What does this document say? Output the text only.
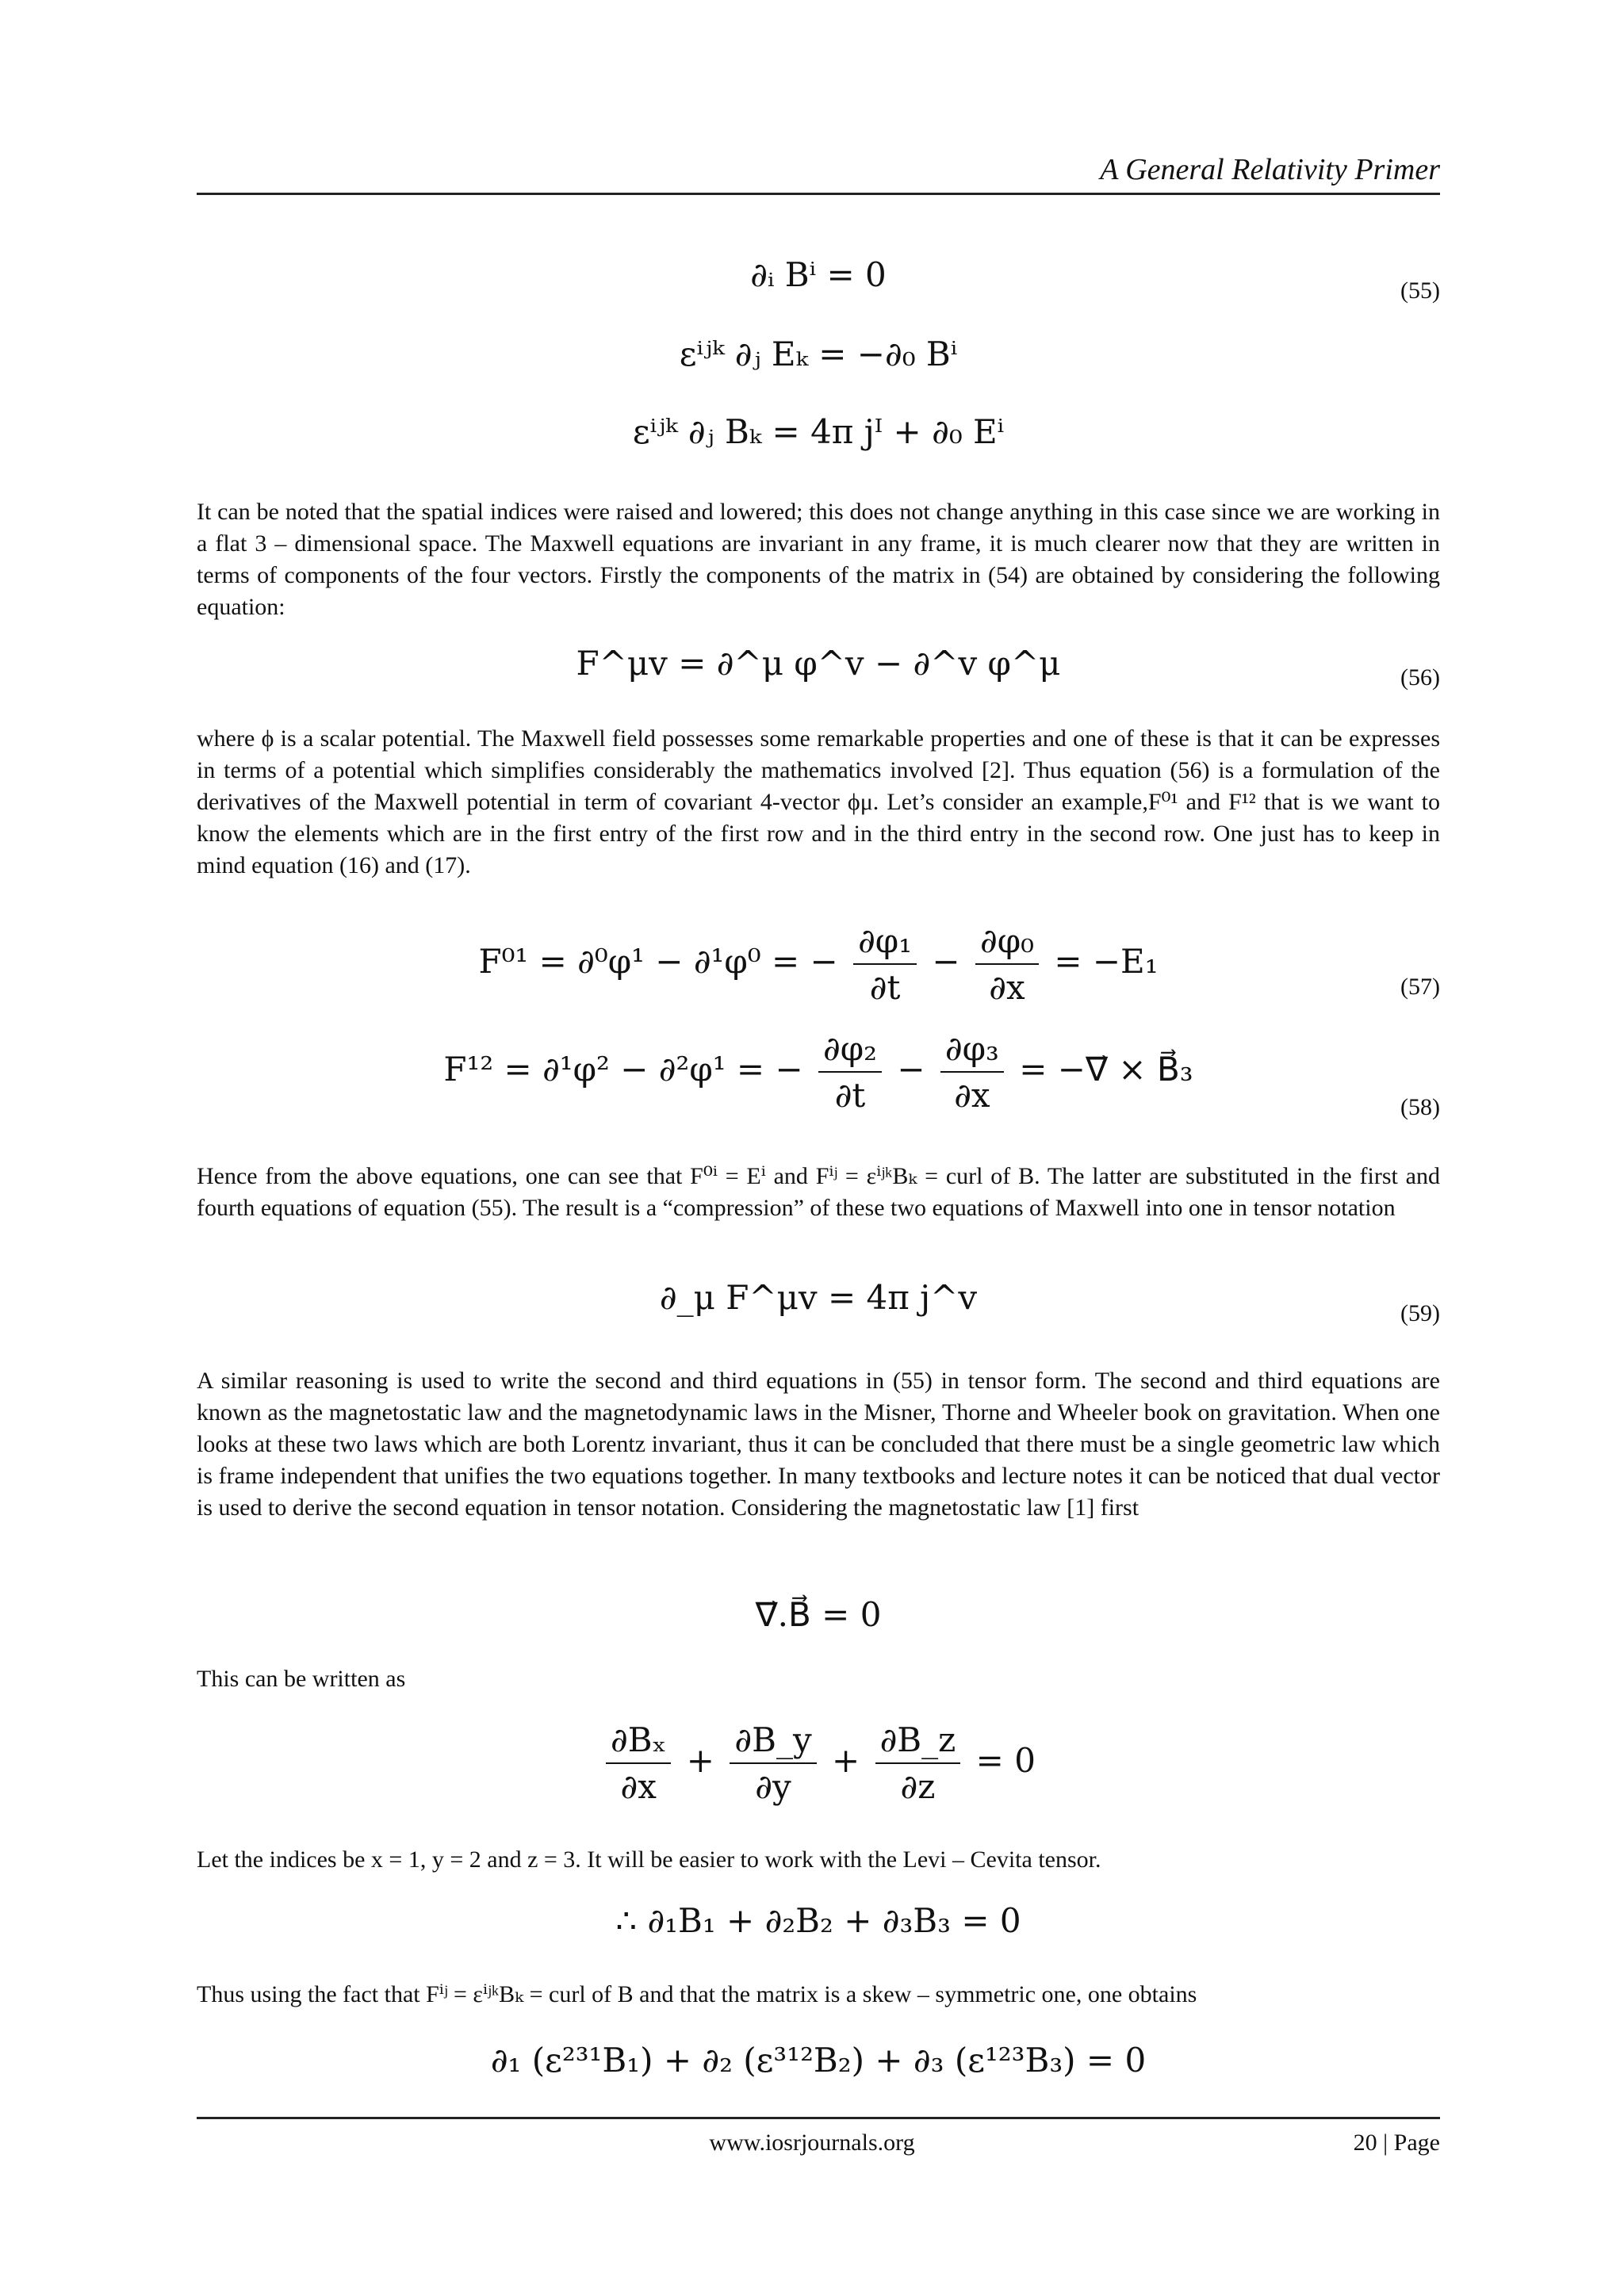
A General Relativity Primer
∂ᵢ Bⁱ = 0	(55)
εⁱʲᵏ ∂ⱼ Eₖ = −∂₀ Bⁱ
εⁱʲᵏ ∂ⱼ Bₖ = 4π jᴵ + ∂₀ Eⁱ
It can be noted that the spatial indices were raised and lowered; this does not change anything in this case since we are working in a flat 3 – dimensional space. The Maxwell equations are invariant in any frame, it is much clearer now that they are written in terms of components of the four vectors. Firstly the components of the matrix in (54) are obtained by considering the following equation:
F^μv = ∂^μ φ^v − ∂^v φ^μ	(56)
where ϕ is a scalar potential. The Maxwell field possesses some remarkable properties and one of these is that it can be expresses in terms of a potential which simplifies considerably the mathematics involved [2]. Thus equation (56) is a formulation of the derivatives of the Maxwell potential in term of covariant 4-vector ϕμ. Let’s consider an example,F⁰¹ and F¹² that is we want to know the elements which are in the first entry of the first row and in the third entry in the second row. One just has to keep in mind equation (16) and (17).
F⁰¹ = ∂⁰φ¹ − ∂¹φ⁰ = − $\frac{\text{∂φ₁}}{\partial t} - \frac{\text{∂φ₀}}{\partial x} = -E_1$
(57)
F¹² = ∂¹φ² − ∂²φ¹ = − $\frac{\text{∂φ₂}}{\partial t} - \frac{\text{∂φ₃}}{\partial x}$ = −∇⃗ × B⃗₃
(58)
Hence from the above equations, one can see that F⁰ⁱ = Eⁱ and Fⁱʲ = εⁱʲᵏBₖ = curl of B. The latter are substituted in the first and fourth equations of equation (55). The result is a “compression” of these two equations of Maxwell into one in tensor notation
∂_μ F^μv = 4π j^v	(59)
A similar reasoning is used to write the second and third equations in (55) in tensor form. The second and third equations are known as the magnetostatic law and the magnetodynamic laws in the Misner, Thorne and Wheeler book on gravitation. When one looks at these two laws which are both Lorentz invariant, thus it can be concluded that there must be a single geometric law which is frame independent that unifies the two equations together. In many textbooks and lecture notes it can be noticed that dual vector is used to derive the second equation in tensor notation. Considering the magnetostatic law [1] first
∇⃗.B⃗ = 0
This can be written as
$\frac{\text{∂Bₓ}}{\partial x} + \frac{\partial B\_y}{\partial y} + \frac{\partial B\_z}{\partial z} = 0$
Let the indices be x = 1, y = 2 and z = 3. It will be easier to work with the Levi – Cevita tensor.
∴ ∂₁B₁ + ∂₂B₂ + ∂₃B₃ = 0
Thus using the fact that Fⁱʲ = εⁱʲᵏBₖ = curl of B and that the matrix is a skew – symmetric one, one obtains
∂₁ (ε²³¹B₁) + ∂₂ (ε³¹²B₂) + ∂₃ (ε¹²³B₃) = 0
www.iosrjournals.org	20 | Page
